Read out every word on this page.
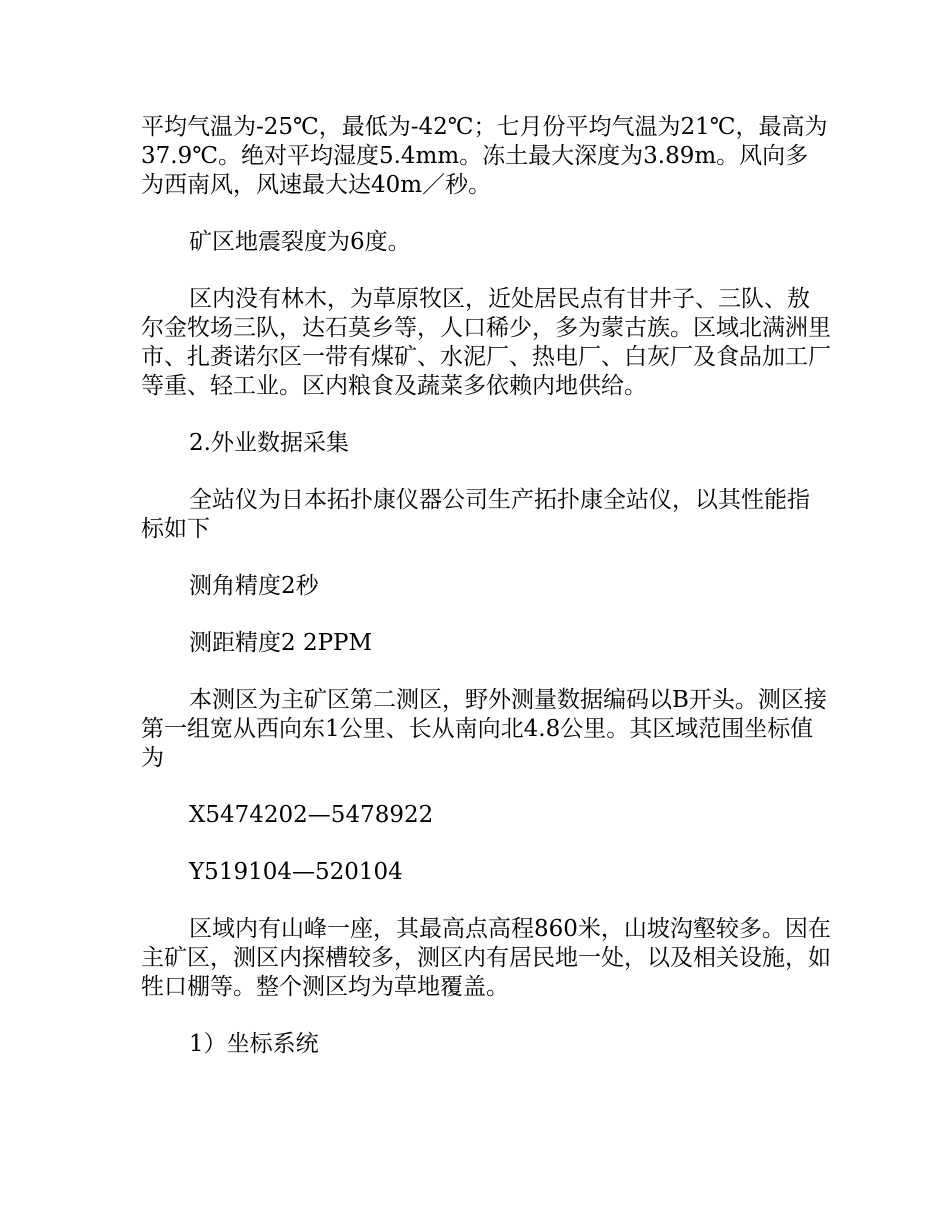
平均气温为-25℃，最低为-42℃；七月份平均气温为21℃，最高为37.9℃。绝对平均湿度5.4mm。冻土最大深度为3.89m。风向多为西南风，风速最大达40m／秒。

矿区地震裂度为6度。

区内没有林木，为草原牧区，近处居民点有甘井子、三队、敖尔金牧场三队，达石莫乡等，人口稀少，多为蒙古族。区域北满洲里市、扎赉诺尔区一带有煤矿、水泥厂、热电厂、白灰厂及食品加工厂等重、轻工业。区内粮食及蔬菜多依赖内地供给。

2.外业数据采集

全站仪为日本拓扑康仪器公司生产拓扑康全站仪，以其性能指标如下

测角精度2秒

测距精度2 2PPM

本测区为主矿区第二测区，野外测量数据编码以B开头。测区接第一组宽从西向东1公里、长从南向北4.8公里。其区域范围坐标值为

X5474202—5478922

Y519104—520104

区域内有山峰一座，其最高点高程860米，山坡沟壑较多。因在主矿区，测区内探槽较多，测区内有居民地一处，以及相关设施，如牲口棚等。整个测区均为草地覆盖。

1）坐标系统
